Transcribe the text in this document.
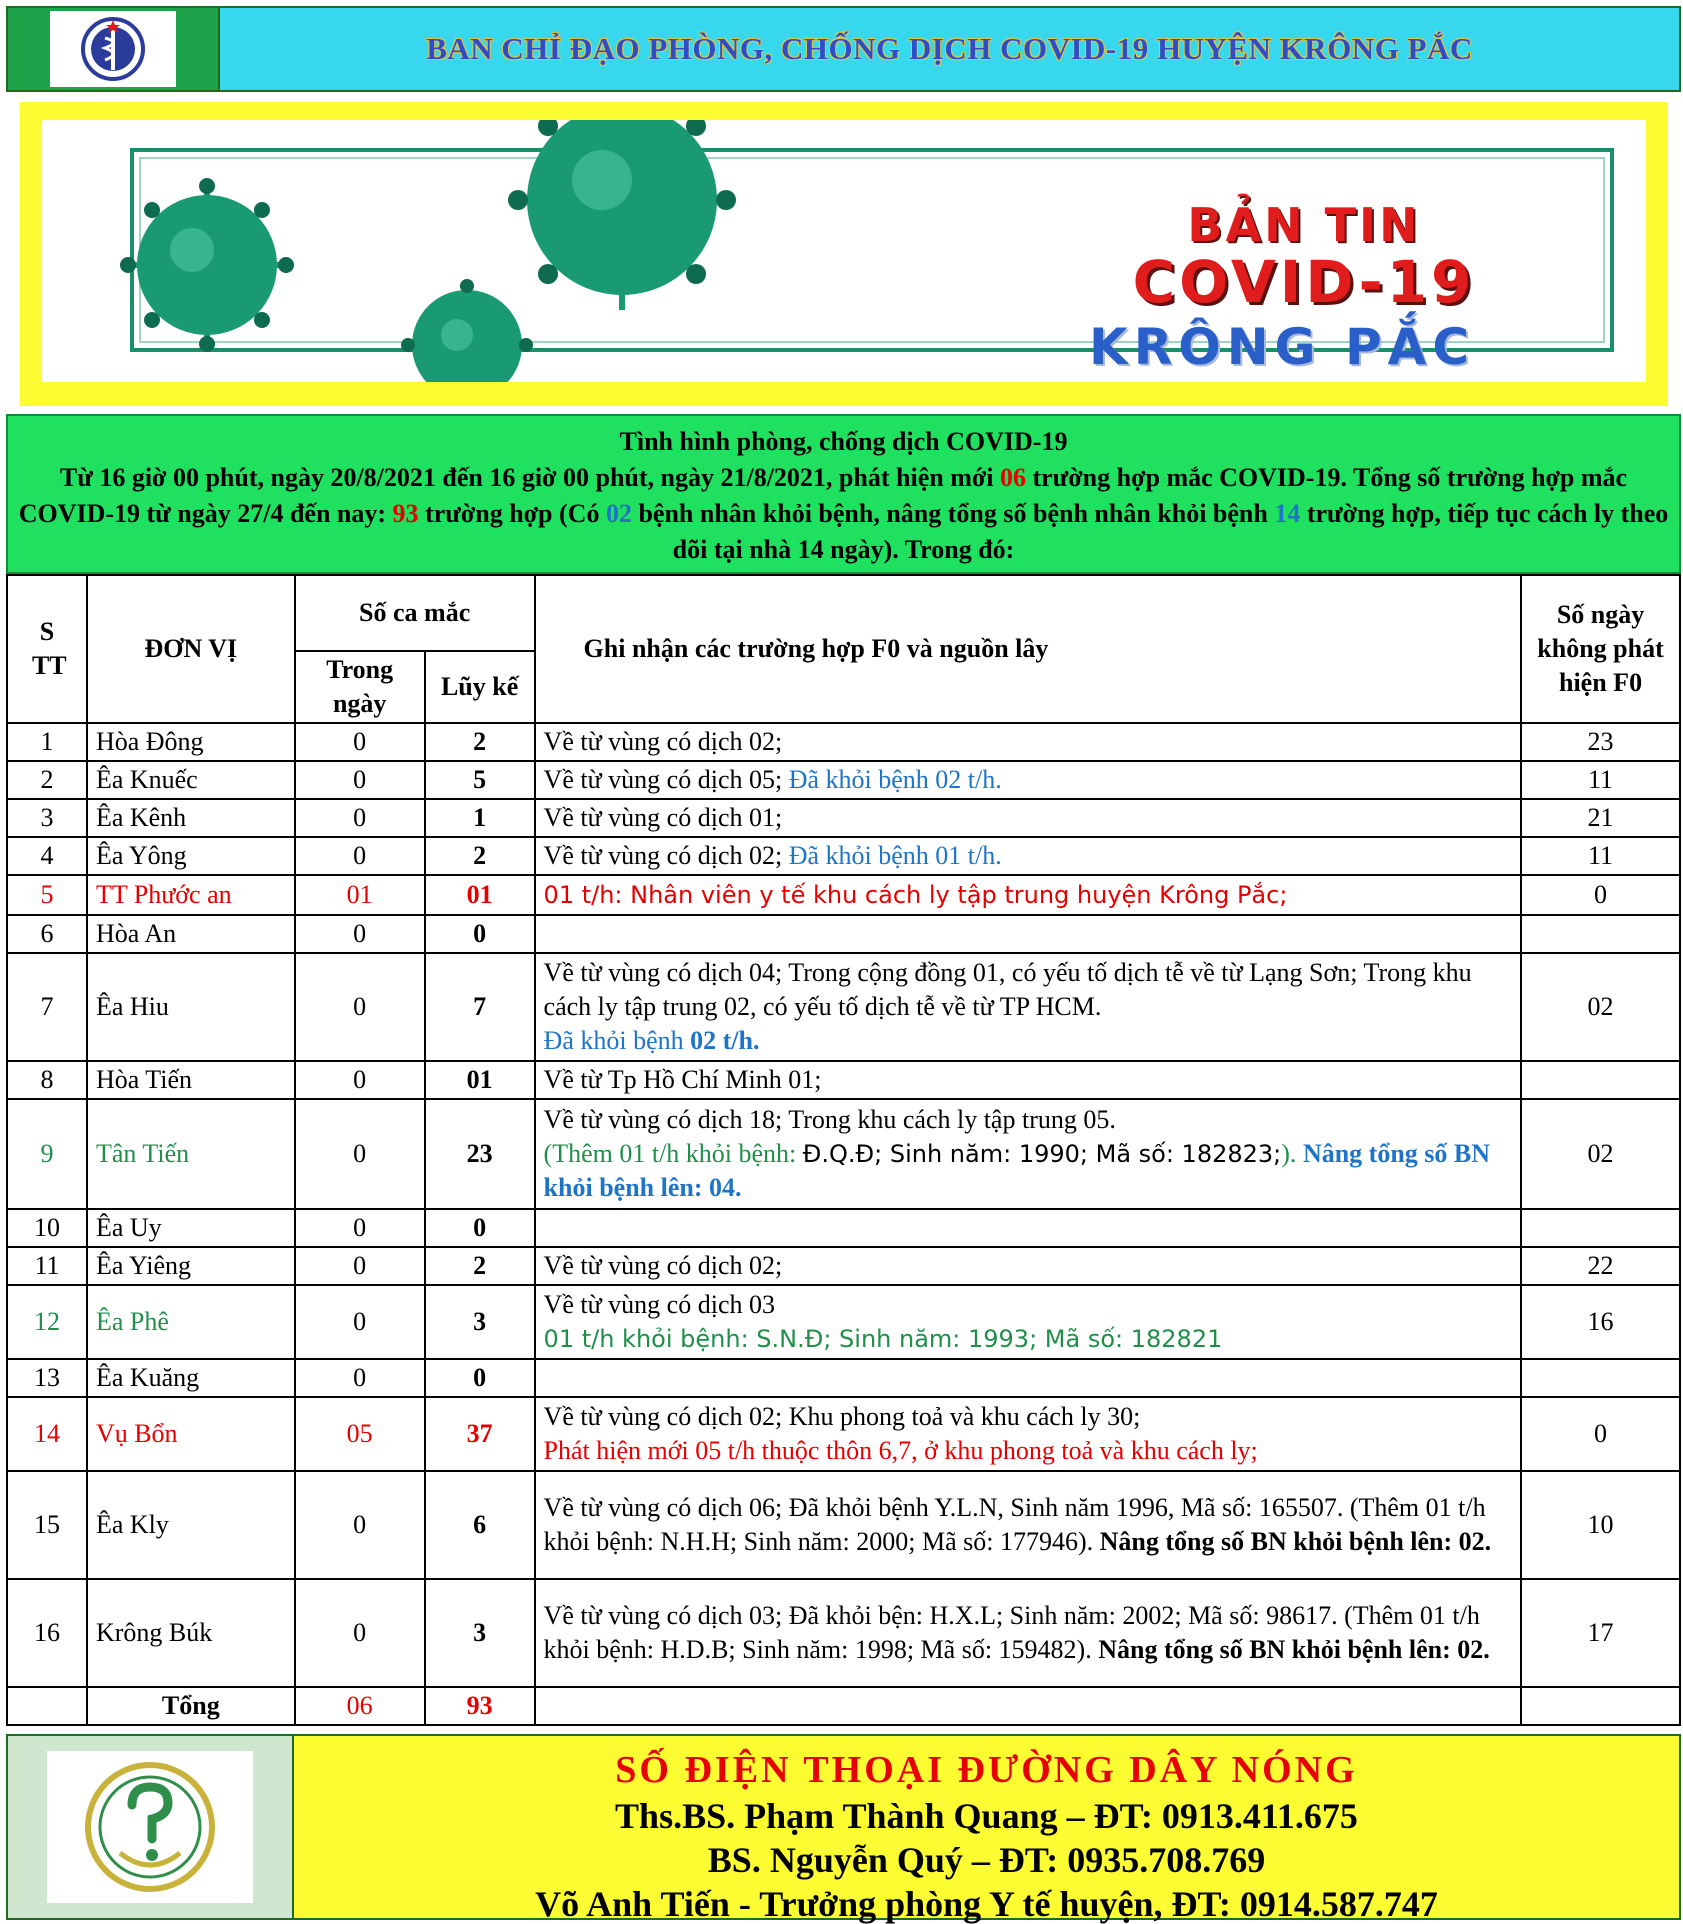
BAN CHỈ ĐẠO PHÒNG, CHỐNG DỊCH COVID-19 HUYỆN KRÔNG PẮC
BẢN TIN
COVID-19
KRÔNG PẮC
Tình hình phòng, chống dịch COVID-19
Từ 16 giờ 00 phút, ngày 20/8/2021 đến 16 giờ 00 phút, ngày 21/8/2021, phát hiện mới 06 trường hợp mắc COVID-19. Tổng số trường hợp mắc COVID-19 từ ngày 27/4 đến nay: 93 trường hợp (Có 02 bệnh nhân khỏi bệnh, nâng tổng số bệnh nhân khỏi bệnh 14 trường hợp, tiếp tục cách ly theo dõi tại nhà 14 ngày). Trong đó:
S TT	ĐƠN VỊ	Số ca mắc		Ghi nhận các trường hợp F0 và nguồn lây	Số ngày không phát hiện F0
		Trong ngày	Lũy kế		
1	Hòa Đông	0	2	Về từ vùng có dịch 02;	23
2	Êa Knuếc	0	5	Về từ vùng có dịch 05; Đã khỏi bệnh 02 t/h.	11
3	Êa Kênh	0	1	Về từ vùng có dịch 01;	21
4	Êa Yông	0	2	Về từ vùng có dịch 02; Đã khỏi bệnh 01 t/h.	11
5	TT Phước an	01	01	01 t/h: Nhân viên y tế khu cách ly tập trung huyện Krông Pắc;	0
6	Hòa An	0	0		
7	Êa Hiu	0	7	Về từ vùng có dịch 04; Trong cộng đồng 01, có yếu tố dịch tễ về từ Lạng Sơn; Trong khu cách ly tập trung 02, có yếu tố dịch tễ về từ TP HCM.
Đã khỏi bệnh 02 t/h.	02
8	Hòa Tiến	0	01	Về từ Tp Hồ Chí Minh 01;	
9	Tân Tiến	0	23	Về từ vùng có dịch 18; Trong khu cách ly tập trung 05.
(Thêm 01 t/h khỏi bệnh: Đ.Q.Đ; Sinh năm: 1990; Mã số: 182823;). Nâng tổng số BN khỏi bệnh lên: 04.	02
10	Êa Uy	0	0		
11	Êa Yiêng	0	2	Về từ vùng có dịch 02;	22
12	Êa Phê	0	3	Về từ vùng có dịch 03
01 t/h khỏi bệnh: S.N.Đ; Sinh năm: 1993; Mã số: 182821	16
13	Êa Kuăng	0	0		
14	Vụ Bổn	05	37	Về từ vùng có dịch 02; Khu phong toả và khu cách ly 30;
Phát hiện mới 05 t/h thuộc thôn 6,7, ở khu phong toả và khu cách ly;	0
15	Êa Kly	0	6	Về từ vùng có dịch 06; Đã khỏi bệnh Y.L.N, Sinh năm 1996, Mã số: 165507. (Thêm 01 t/h khỏi bệnh: N.H.H; Sinh năm: 2000; Mã số: 177946). Nâng tổng số BN khỏi bệnh lên: 02.	10
16	Krông Búk	0	3	Về từ vùng có dịch 03; Đã khỏi bện: H.X.L; Sinh năm: 2002; Mã số: 98617. (Thêm 01 t/h khỏi bệnh: H.D.B; Sinh năm: 1998; Mã số: 159482). Nâng tổng số BN khỏi bệnh lên: 02.	17
	Tổng	06	93		
SỐ ĐIỆN THOẠI ĐƯỜNG DÂY NÓNG
Ths.BS. Phạm Thành Quang – ĐT: 0913.411.675
BS. Nguyễn Quý – ĐT: 0935.708.769
Võ Anh Tiến - Trưởng phòng Y tế huyện, ĐT: 0914.587.747
